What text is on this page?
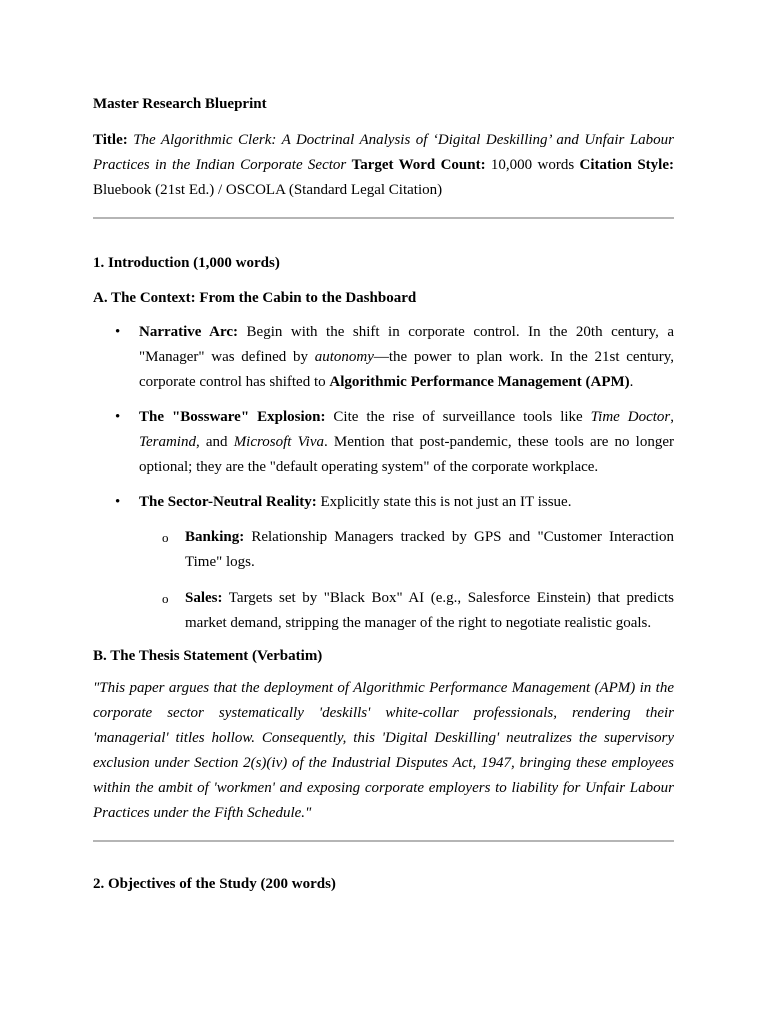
Master Research Blueprint

Title: The Algorithmic Clerk: A Doctrinal Analysis of ‘Digital Deskilling’ and Unfair Labour Practices in the Indian Corporate Sector Target Word Count: 10,000 words Citation Style: Bluebook (21st Ed.) / OSCOLA (Standard Legal Citation)

1. Introduction (1,000 words)

A. The Context: From the Cabin to the Dashboard

• Narrative Arc: Begin with the shift in corporate control. In the 20th century, a "Manager" was defined by autonomy—the power to plan work. In the 21st century, corporate control has shifted to Algorithmic Performance Management (APM).
• The "Bossware" Explosion: Cite the rise of surveillance tools like Time Doctor, Teramind, and Microsoft Viva. Mention that post-pandemic, these tools are no longer optional; they are the "default operating system" of the corporate workplace.
• The Sector-Neutral Reality: Explicitly state this is not just an IT issue.
o Banking: Relationship Managers tracked by GPS and "Customer Interaction Time" logs.
o Sales: Targets set by "Black Box" AI (e.g., Salesforce Einstein) that predicts market demand, stripping the manager of the right to negotiate realistic goals.

B. The Thesis Statement (Verbatim)

"This paper argues that the deployment of Algorithmic Performance Management (APM) in the corporate sector systematically 'deskills' white-collar professionals, rendering their 'managerial' titles hollow. Consequently, this 'Digital Deskilling' neutralizes the supervisory exclusion under Section 2(s)(iv) of the Industrial Disputes Act, 1947, bringing these employees within the ambit of 'workmen' and exposing corporate employers to liability for Unfair Labour Practices under the Fifth Schedule."

2. Objectives of the Study (200 words)
